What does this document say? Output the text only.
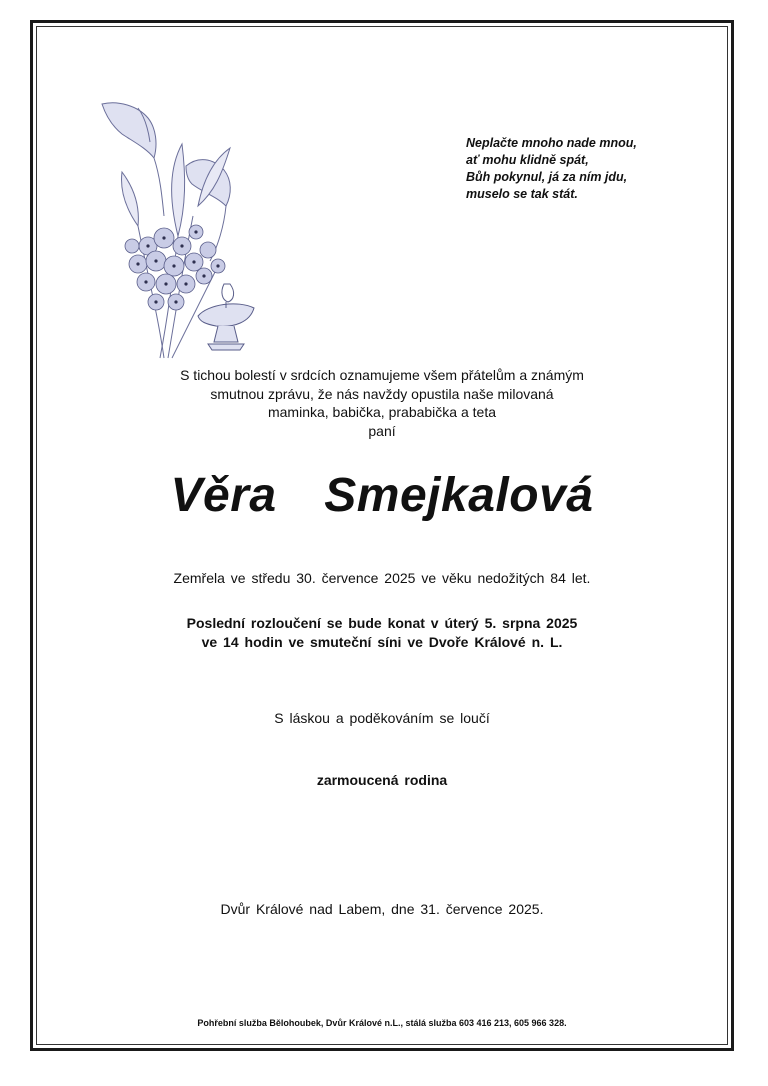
Neplačte mnoho nade mnou,
ať mohu klidně spát,
Bůh pokynul, já za ním jdu,
muselo se tak stát.
S tichou bolestí v srdcích oznamujeme všem přátelům a známým
smutnou zprávu, že nás navždy opustila naše milovaná
maminka, babička, prababička a teta
paní
Věra  Smejkalová
Zemřela ve středu 30. července 2025 ve věku nedožitých 84 let.
Poslední rozloučení se bude konat v úterý 5. srpna 2025
ve 14 hodin ve smuteční síni ve Dvoře Králové n. L.
S láskou a poděkováním se loučí
zarmoucená rodina
Dvůr Králové nad Labem, dne 31. července 2025.
Pohřební služba Bělohoubek, Dvůr Králové n.L., stálá služba 603 416 213, 605 966 328.
